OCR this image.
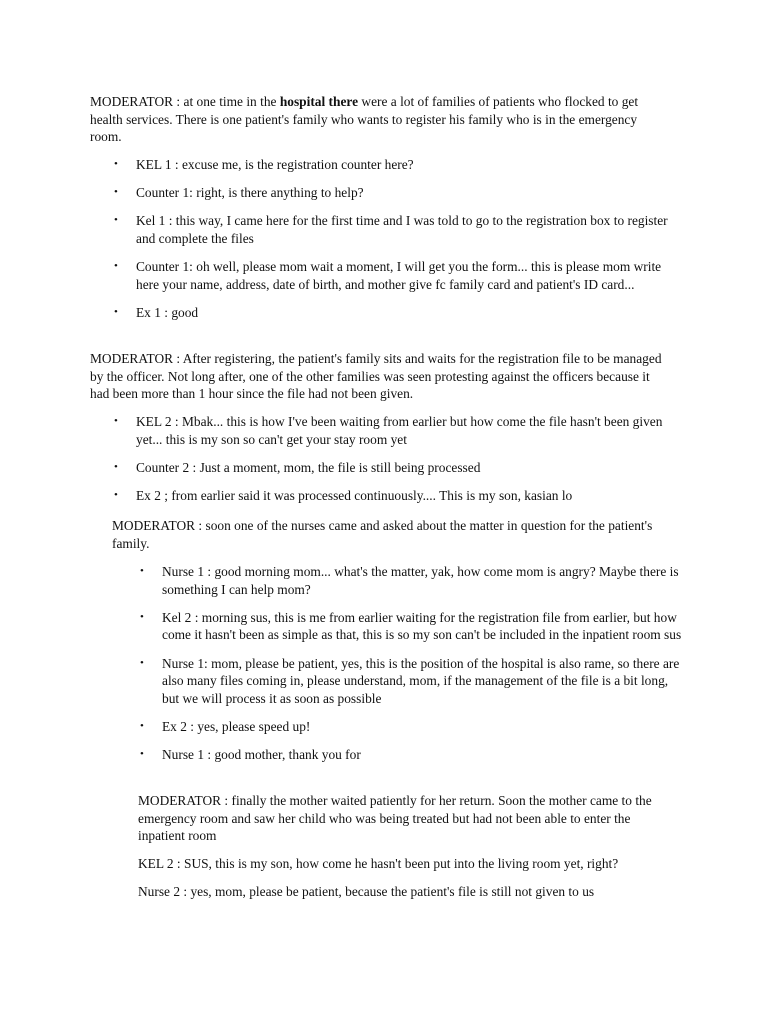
MODERATOR : at one time in the hospital there were a lot of families of patients who flocked to get health services. There is one patient's family who wants to register his family who is in the emergency room.

• KEL 1 : excuse me, is the registration counter here?
• Counter 1: right, is there anything to help?
• Kel 1 : this way, I came here for the first time and I was told to go to the registration box to register and complete the files
• Counter 1: oh well, please mom wait a moment, I will get you the form... this is please mom write here your name, address, date of birth, and mother give fc family card and patient's ID card...
• Ex 1 : good

MODERATOR : After registering, the patient's family sits and waits for the registration file to be managed by the officer. Not long after, one of the other families was seen protesting against the officers because it had been more than 1 hour since the file had not been given.

• KEL 2 : Mbak... this is how I've been waiting from earlier but how come the file hasn't been given yet... this is my son so can't get your stay room yet
• Counter 2 : Just a moment, mom, the file is still being processed
• Ex 2 ; from earlier said it was processed continuously.... This is my son, kasian lo

MODERATOR : soon one of the nurses came and asked about the matter in question for the patient's family.

• Nurse 1 : good morning mom... what's the matter, yak, how come mom is angry? Maybe there is something I can help mom?
• Kel 2 : morning sus, this is me from earlier waiting for the registration file from earlier, but how come it hasn't been as simple as that, this is so my son can't be included in the inpatient room sus
• Nurse 1: mom, please be patient, yes, this is the position of the hospital is also rame, so there are also many files coming in, please understand, mom, if the management of the file is a bit long, but we will process it as soon as possible
• Ex 2 : yes, please speed up!
• Nurse 1 : good mother, thank you for

MODERATOR : finally the mother waited patiently for her return. Soon the mother came to the emergency room and saw her child who was being treated but had not been able to enter the inpatient room

KEL 2 : SUS, this is my son, how come he hasn't been put into the living room yet, right?

Nurse 2 : yes, mom, please be patient, because the patient's file is still not given to us
